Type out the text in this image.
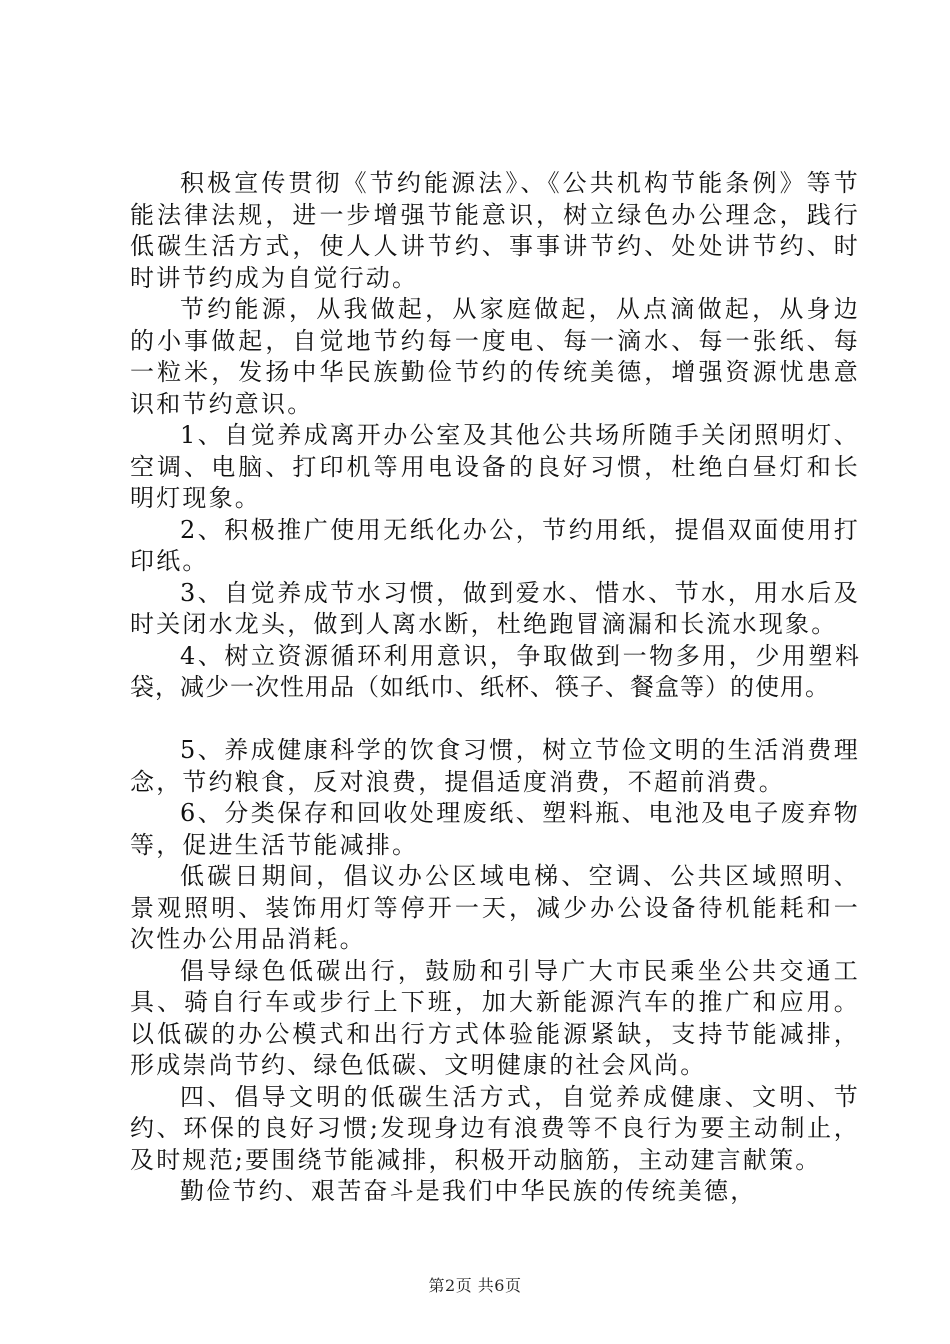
积极宣传贯彻《节约能源法》、《公共机构节能条例》等节能法律法规，进一步增强节能意识，树立绿色办公理念，践行低碳生活方式，使人人讲节约、事事讲节约、处处讲节约、时时讲节约成为自觉行动。

节约能源，从我做起，从家庭做起，从点滴做起，从身边的小事做起，自觉地节约每一度电、每一滴水、每一张纸、每一粒米，发扬中华民族勤俭节约的传统美德，增强资源忧患意识和节约意识。

1、自觉养成离开办公室及其他公共场所随手关闭照明灯、空调、电脑、打印机等用电设备的良好习惯，杜绝白昼灯和长明灯现象。

2、积极推广使用无纸化办公，节约用纸，提倡双面使用打印纸。

3、自觉养成节水习惯，做到爱水、惜水、节水，用水后及时关闭水龙头，做到人离水断，杜绝跑冒滴漏和长流水现象。

4、树立资源循环利用意识，争取做到一物多用，少用塑料袋，减少一次性用品（如纸巾、纸杯、筷子、餐盒等）的使用。

5、养成健康科学的饮食习惯，树立节俭文明的生活消费理念，节约粮食，反对浪费，提倡适度消费，不超前消费。

6、分类保存和回收处理废纸、塑料瓶、电池及电子废弃物等，促进生活节能减排。

低碳日期间，倡议办公区域电梯、空调、公共区域照明、景观照明、装饰用灯等停开一天，减少办公设备待机能耗和一次性办公用品消耗。

倡导绿色低碳出行，鼓励和引导广大市民乘坐公共交通工具、骑自行车或步行上下班，加大新能源汽车的推广和应用。以低碳的办公模式和出行方式体验能源紧缺，支持节能减排，形成崇尚节约、绿色低碳、文明健康的社会风尚。

四、倡导文明的低碳生活方式，自觉养成健康、文明、节约、环保的良好习惯;发现身边有浪费等不良行为要主动制止，及时规范;要围绕节能减排，积极开动脑筋，主动建言献策。

勤俭节约、艰苦奋斗是我们中华民族的传统美德，

第2页 共6页
